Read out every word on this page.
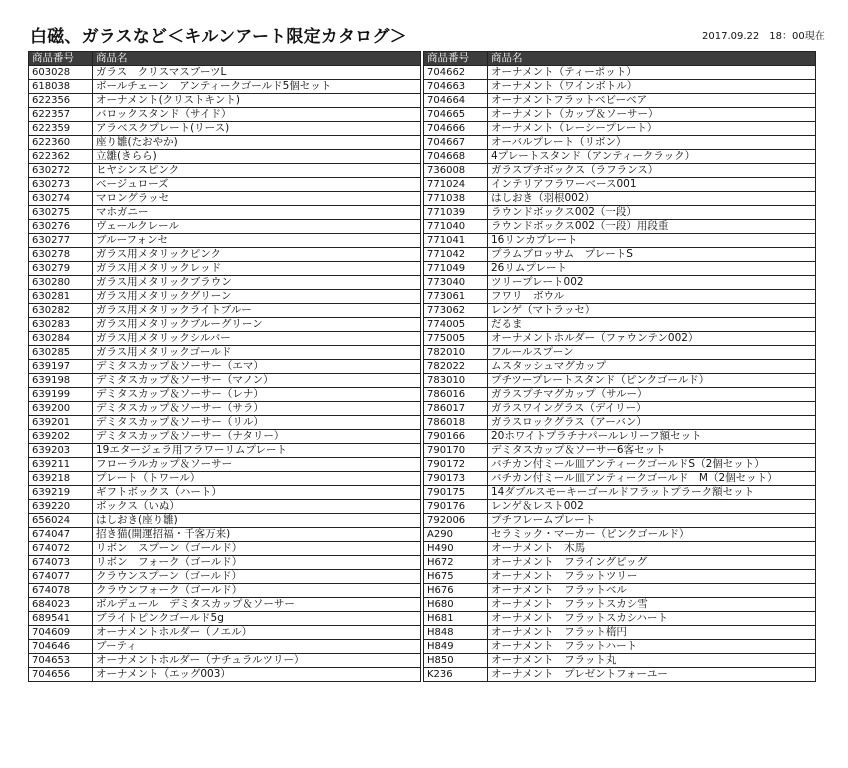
白磁、ガラスなど＜キルンアート限定カタログ＞	2017.09.22　18：00現在
商品番号	商品名
603028	ガラス　クリスマスブーツL
618038	ボールチェーン　アンティークゴールド5個セット
622356	オーナメント(クリストキント)
622357	バロックスタンド（サイド）
622359	アラベスクプレート(リース)
622360	座り雛(たおやか)
622362	立雛(きらら)
630272	ヒヤシンスピンク
630273	ベージュローズ
630274	マロングラッセ
630275	マホガニー
630276	ヴェールクレール
630277	ブルーフォンセ
630278	ガラス用メタリックピンク
630279	ガラス用メタリックレッド
630280	ガラス用メタリックブラウン
630281	ガラス用メタリックグリーン
630282	ガラス用メタリックライトブルー
630283	ガラス用メタリックブルーグリーン
630284	ガラス用メタリックシルバー
630285	ガラス用メタリックゴールド
639197	デミタスカップ＆ソーサー（エマ）
639198	デミタスカップ＆ソーサー（マノン）
639199	デミタスカップ＆ソーサー（レナ）
639200	デミタスカップ＆ソーサー（サラ）
639201	デミタスカップ＆ソーサー（リル）
639202	デミタスカップ＆ソーサー（ナタリー）
639203	19エタージェラ用フラワーリムプレート
639211	フローラルカップ＆ソーサー
639218	プレート（トワール）
639219	ギフトボックス（ハート）
639220	ボックス（いぬ）
656024	はしおき(座り雛)
674047	招き猫(開運招福・千客万来)
674072	リボン　スプーン（ゴールド）
674073	リボン　フォーク（ゴールド）
674077	クラウンスプーン（ゴールド）
674078	クラウンフォーク（ゴールド）
684023	ボルデュール　デミタスカップ＆ソーサー
689541	ブライトピンクゴールド5g
704609	オーナメントホルダー（ノエル）
704646	ブーティ
704653	オーナメントホルダー（ナチュラルツリー）
704656	オーナメント（エッグ003）
商品番号	商品名
704662	オーナメント（ティーポット）
704663	オーナメント（ワインボトル）
704664	オーナメントフラットベビーベア
704665	オーナメント（カップ＆ソーサー）
704666	オーナメント（レーシープレート）
704667	オーバルプレート（リボン）
704668	4プレートスタンド（アンティークラック）
736008	ガラスプチボックス（ラフランス）
771024	インテリアフラワーベース001
771038	はしおき（羽根002）
771039	ラウンドボックス002（一段）
771040	ラウンドボックス002（一段）用段重
771041	16リンカプレート
771042	プラムブロッサム　プレートS
771049	26リムプレート
773040	ツリープレート002
773061	フワリ　ボウル
773062	レンゲ（マトラッセ）
774005	だるま
775005	オーナメントホルダー（ファウンテン002）
782010	フルールスプーン
782022	ムスタッシュマグカップ
783010	プチツープレートスタンド（ピンクゴールド）
786016	ガラスプチマグカップ（サルー）
786017	ガラスワイングラス（デイリー）
786018	ガラスロックグラス（アーバン）
790166	20ホワイトプラチナパールレリーフ額セット
790170	デミタスカップ＆ソーサー6客セット
790172	バチカン付ミール皿アンティークゴールドS（2個セット）
790173	バチカン付ミール皿アンティークゴールド　M（2個セット）
790175	14ダブルスモーキーゴールドフラットプラーク額セット
790176	レンゲ＆レスト002
792006	プチフレームプレート
A290	セラミック・マーカー（ピンクゴールド）
H490	オーナメント　木馬
H672	オーナメント　フライングピッグ
H675	オーナメント　フラットツリー
H676	オーナメント　フラットベル
H680	オーナメント　フラットスカシ雪
H681	オーナメント　フラットスカシハート
H848	オーナメント　フラット楕円
H849	オーナメント　フラットハート
H850	オーナメント　フラット丸
K236	オーナメント　プレゼントフォーユー
